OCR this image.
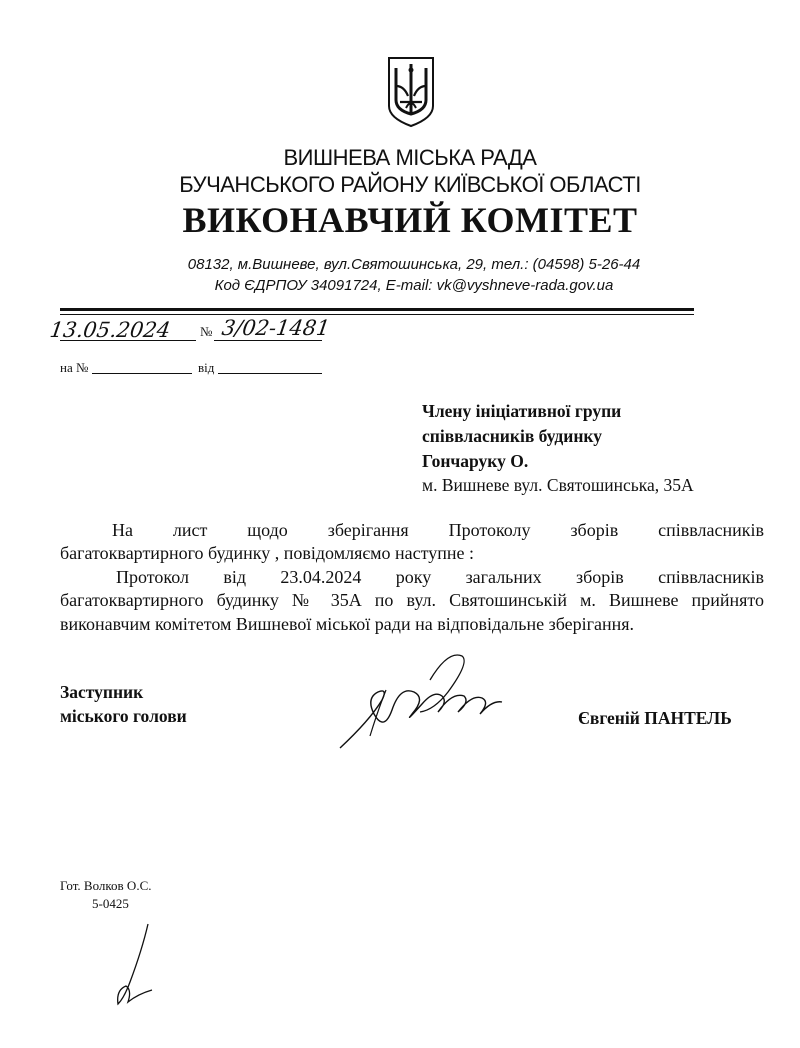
ВИШНЕВА МІСЬКА РАДА
БУЧАНСЬКОГО РАЙОНУ КИЇВСЬКОЇ ОБЛАСТІ
ВИКОНАВЧИЙ КОМІТЕТ
08132, м.Вишневе, вул.Святошинська, 29, тел.: (04598) 5-26-44
Код ЄДРПОУ 34091724, E-mail: vk@vyshneve-rada.gov.ua
13.05.2024 № 3/02-1481
на №	від
Члену ініціативної групи
співвласників будинку
Гончаруку О.
м. Вишневе вул. Святошинська, 35А
На лист щодо зберігання Протоколу зборів співвласників
багатоквартирного будинку , повідомляємо наступне :
Протокол від 23.04.2024 року загальних зборів співвласників
багатоквартирного будинку № 35А по вул. Святошинській м. Вишневе прийнято
виконавчим комітетом Вишневої міської ради на відповідальне зберігання.
Заступник
міського голови	Євгеній ПАНТЕЛЬ
Гот. Волков О.С.
5-0425
